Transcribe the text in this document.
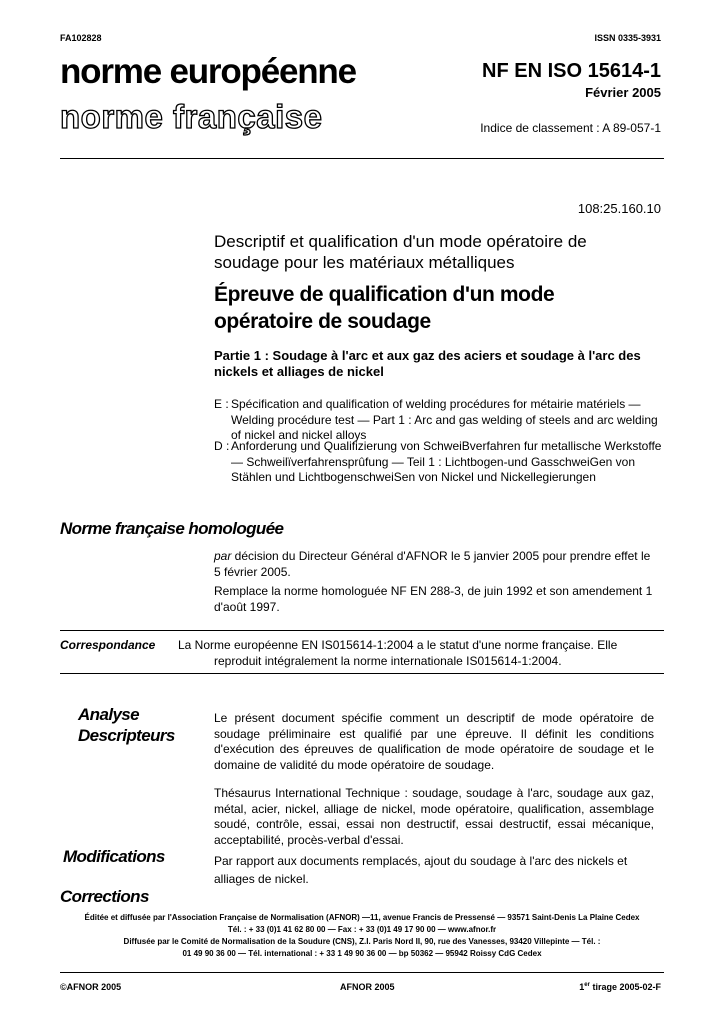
FA102828	ISSN 0335-3931
norme européenne
norme française
NF EN ISO 15614-1
Février 2005
Indice de classement : A 89-057-1
108:25.160.10
Descriptif et qualification d'un mode opératoire de soudage pour les matériaux métalliques
Épreuve de qualification d'un mode opératoire de soudage
Partie 1 : Soudage à l'arc et aux gaz des aciers et soudage à l'arc des nickels et alliages de nickel
E : Spécification and qualification of welding procédures for métairie matériels — Welding procédure test — Part 1 : Arc and gas welding of steels and arc welding of nickel and nickel alloys
D : Anforderung und Qualifizierung von SchweiBverfahren fur metallische Werkstoffe — Schweilïverfahrensprûfung — Teil 1 : Lichtbogen-und GasschweiGen von Stählen und LichtbogenschweiSen von Nickel und Nickellegierungen
Norme française homologuée
par décision du Directeur Général d'AFNOR le 5 janvier 2005 pour prendre effet le 5 février 2005.
Remplace la norme homologuée NF EN 288-3, de juin 1992 et son amendement 1 d'août 1997.
Correspondance La Norme européenne EN IS015614-1:2004 a le statut d'une norme française. Elle
reproduit intégralement la norme internationale IS015614-1:2004.
Analyse
Descripteurs
Le présent document spécifie comment un descriptif de mode opératoire de soudage préliminaire est qualifié par une épreuve. Il définit les conditions d'exécution des épreuves de qualification de mode opératoire de soudage et le domaine de validité du mode opératoire de soudage.
Thésaurus International Technique : soudage, soudage à l'arc, soudage aux gaz, métal, acier, nickel, alliage de nickel, mode opératoire, qualification, assemblage soudé, contrôle, essai, essai non destructif, essai destructif, essai mécanique, acceptabilité, procès-verbal d'essai.
Modifications	Par rapport aux documents remplacés, ajout du soudage à l'arc des nickels et alliages de nickel.
Corrections
Éditée et diffusée par l'Association Française de Normalisation (AFNOR) —11, avenue Francis de Pressensé — 93571 Saint-Denis La Plaine Cedex
Tél. : + 33 (0)1 41 62 80 00 — Fax : + 33 (0)1 49 17 90 00 — www.afnor.fr
Diffusée par le Comité de Normalisation de la Soudure (CNS), Z.I. Paris Nord II, 90, rue des Vanesses, 93420 Villepinte — Tél. :
01 49 90 36 00 — Tél. international : + 33 1 49 90 36 00 — bp 50362 — 95942 Roissy CdG Cedex
©AFNOR 2005	AFNOR 2005	1er tirage 2005-02-F
